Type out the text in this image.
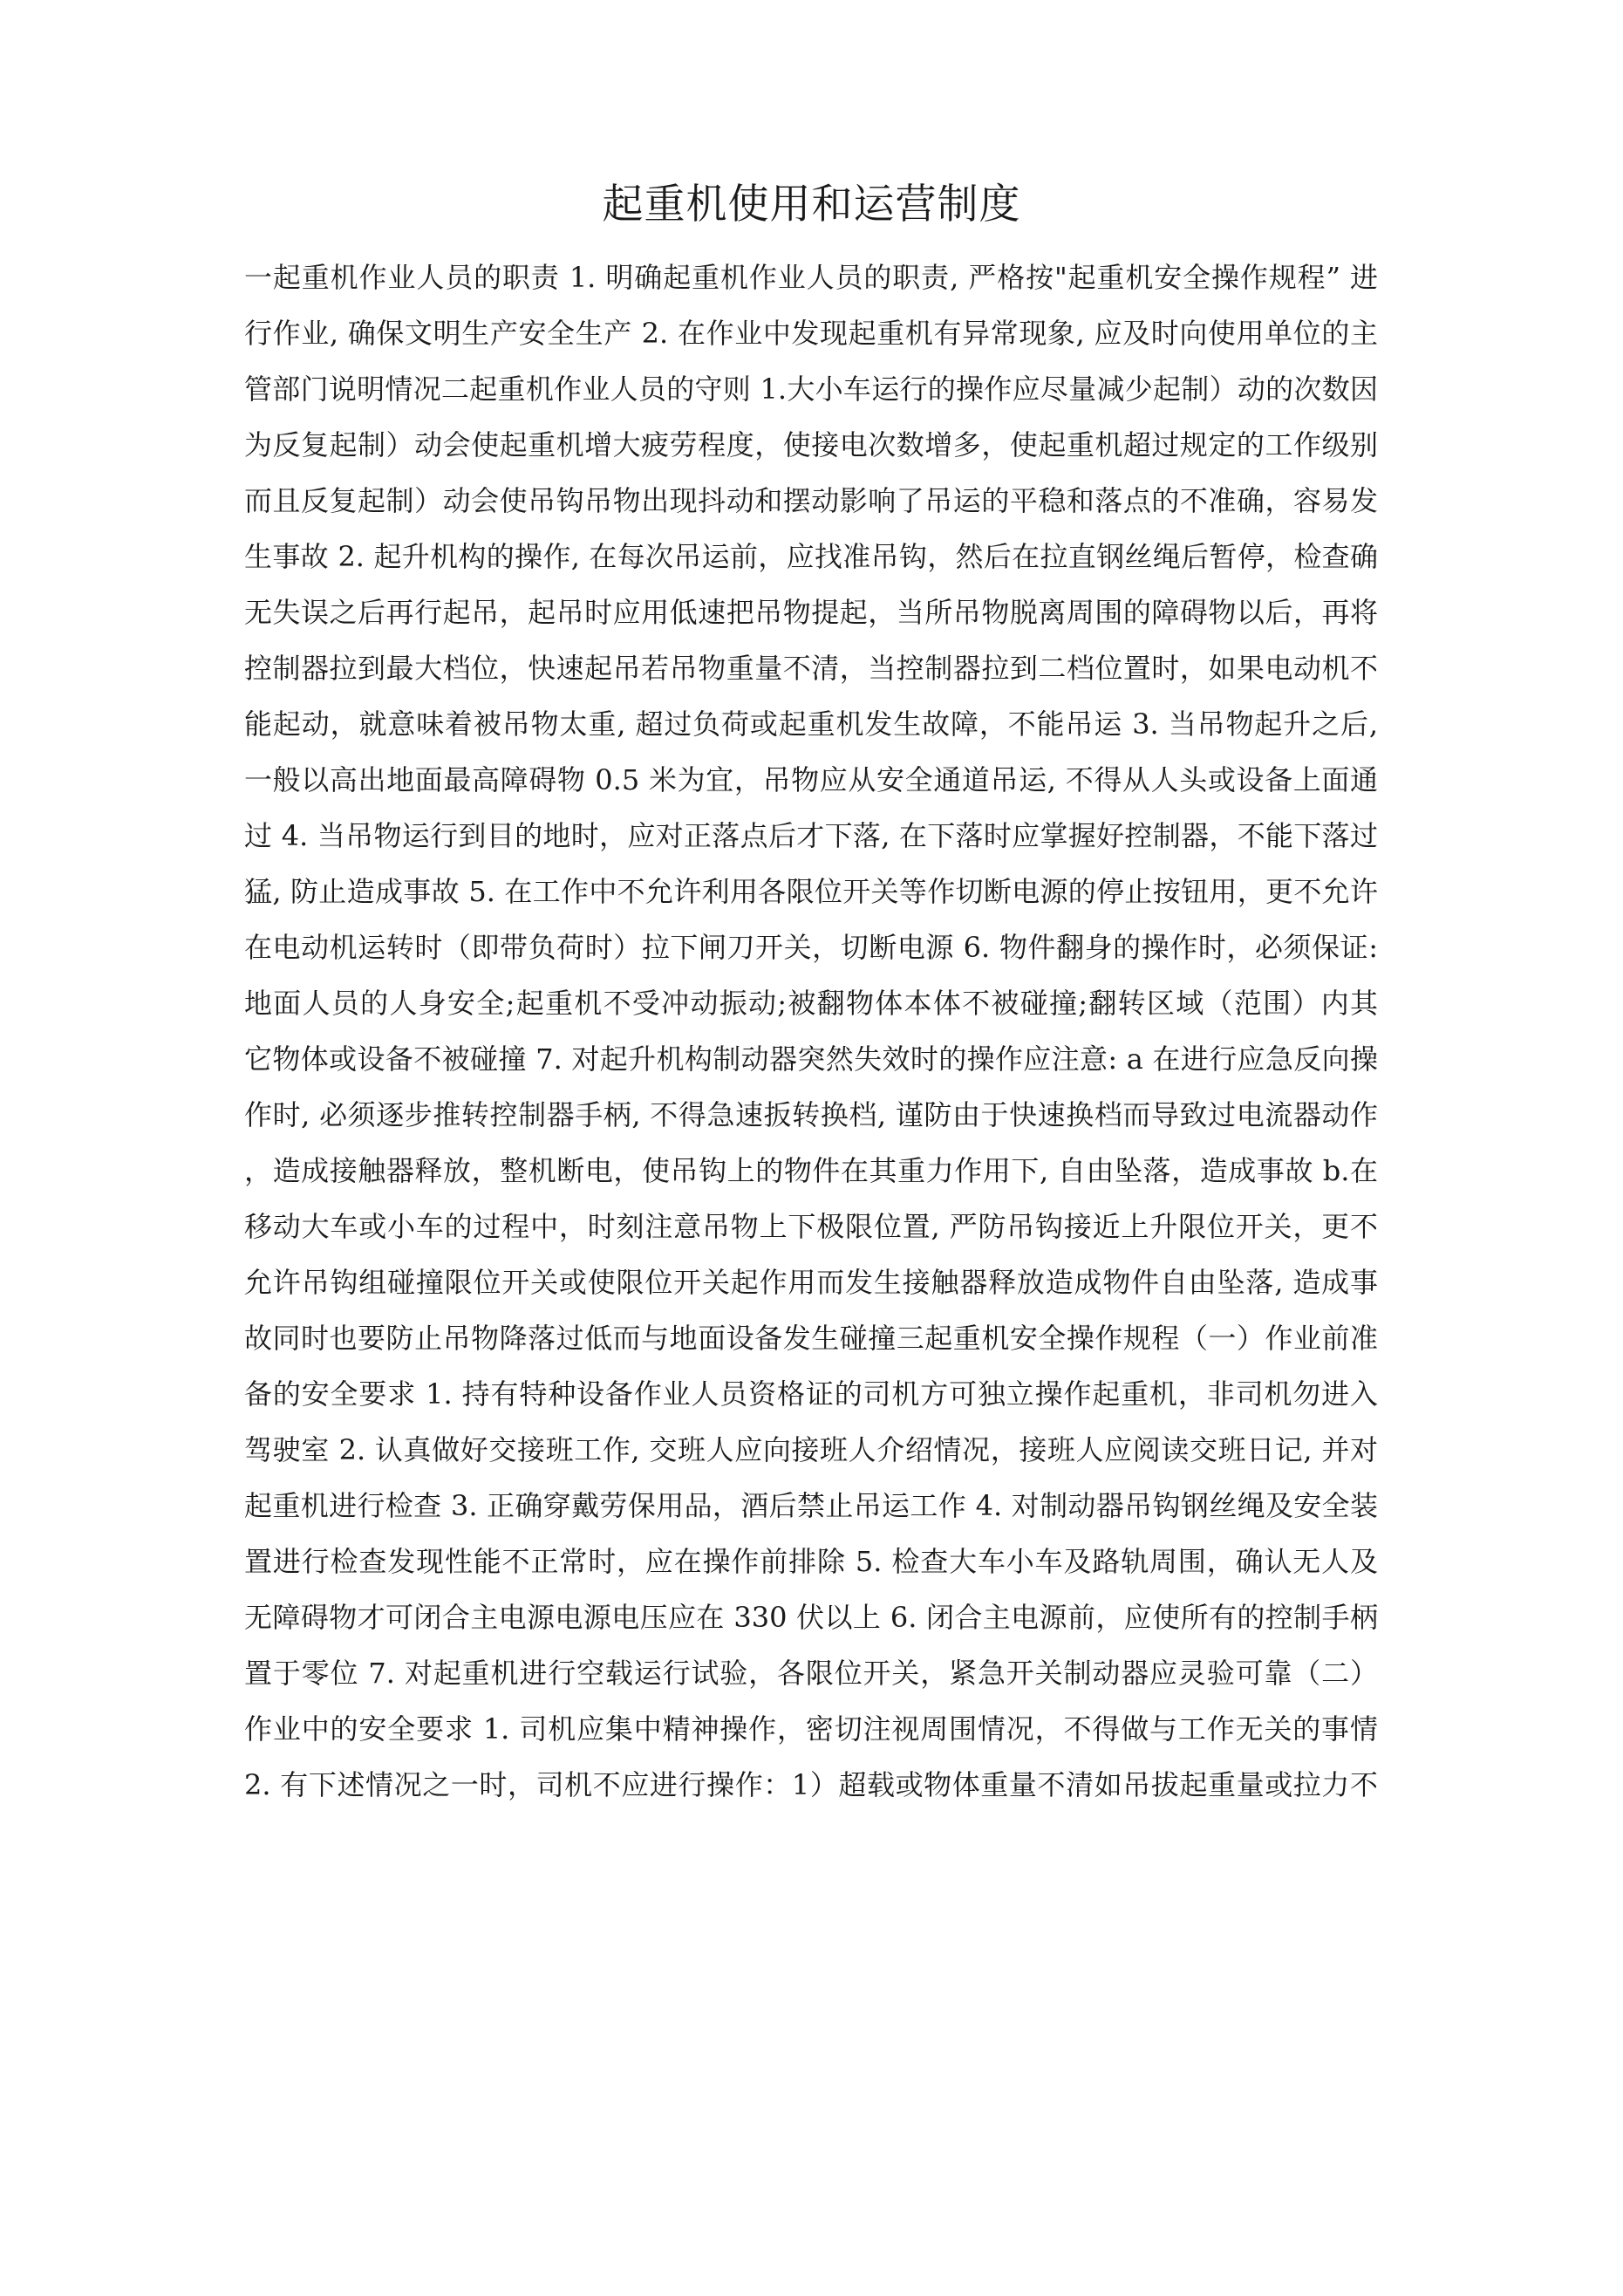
起重机使用和运营制度
一起重机作业人员的职责 1. 明确起重机作业人员的职责, 严格按"起重机安全操作规程” 进
行作业, 确保文明生产安全生产 2. 在作业中发现起重机有异常现象, 应及时向使用单位的主
管部门说明情况二起重机作业人员的守则 1.大小车运行的操作应尽量减少起制）动的次数因
为反复起制）动会使起重机增大疲劳程度，使接电次数增多，使起重机超过规定的工作级别
而且反复起制）动会使吊钩吊物出现抖动和摆动影响了吊运的平稳和落点的不准确，容易发
生事故 2. 起升机构的操作, 在每次吊运前，应找准吊钩，然后在拉直钢丝绳后暂停，检查确
无失误之后再行起吊，起吊时应用低速把吊物提起，当所吊物脱离周围的障碍物以后，再将
控制器拉到最大档位，快速起吊若吊物重量不清，当控制器拉到二档位置时，如果电动机不
能起动，就意味着被吊物太重, 超过负荷或起重机发生故障，不能吊运 3. 当吊物起升之后,
一般以高出地面最高障碍物 0.5 米为宜，吊物应从安全通道吊运, 不得从人头或设备上面通
过 4. 当吊物运行到目的地时，应对正落点后才下落, 在下落时应掌握好控制器，不能下落过
猛, 防止造成事故 5. 在工作中不允许利用各限位开关等作切断电源的停止按钮用，更不允许
在电动机运转时（即带负荷时）拉下闸刀开关，切断电源 6. 物件翻身的操作时，必须保证:
地面人员的人身安全;起重机不受冲动振动;被翻物体本体不被碰撞;翻转区域（范围）内其
它物体或设备不被碰撞 7. 对起升机构制动器突然失效时的操作应注意: a 在进行应急反向操
作时, 必须逐步推转控制器手柄, 不得急速扳转换档, 谨防由于快速换档而导致过电流器动作
，造成接触器释放，整机断电，使吊钩上的物件在其重力作用下, 自由坠落，造成事故 b.在
移动大车或小车的过程中，时刻注意吊物上下极限位置, 严防吊钩接近上升限位开关，更不
允许吊钩组碰撞限位开关或使限位开关起作用而发生接触器释放造成物件自由坠落, 造成事
故同时也要防止吊物降落过低而与地面设备发生碰撞三起重机安全操作规程（一）作业前准
备的安全要求 1. 持有特种设备作业人员资格证的司机方可独立操作起重机，非司机勿进入
驾驶室 2. 认真做好交接班工作, 交班人应向接班人介绍情况，接班人应阅读交班日记, 并对
起重机进行检查 3. 正确穿戴劳保用品，酒后禁止吊运工作 4. 对制动器吊钩钢丝绳及安全装
置进行检查发现性能不正常时，应在操作前排除 5. 检查大车小车及路轨周围，确认无人及
无障碍物才可闭合主电源电源电压应在 330 伏以上 6. 闭合主电源前，应使所有的控制手柄
置于零位 7. 对起重机进行空载运行试验，各限位开关，紧急开关制动器应灵验可靠（二）
作业中的安全要求 1. 司机应集中精神操作，密切注视周围情况，不得做与工作无关的事情
2. 有下述情况之一时，司机不应进行操作：1）超载或物体重量不清如吊拔起重量或拉力不
